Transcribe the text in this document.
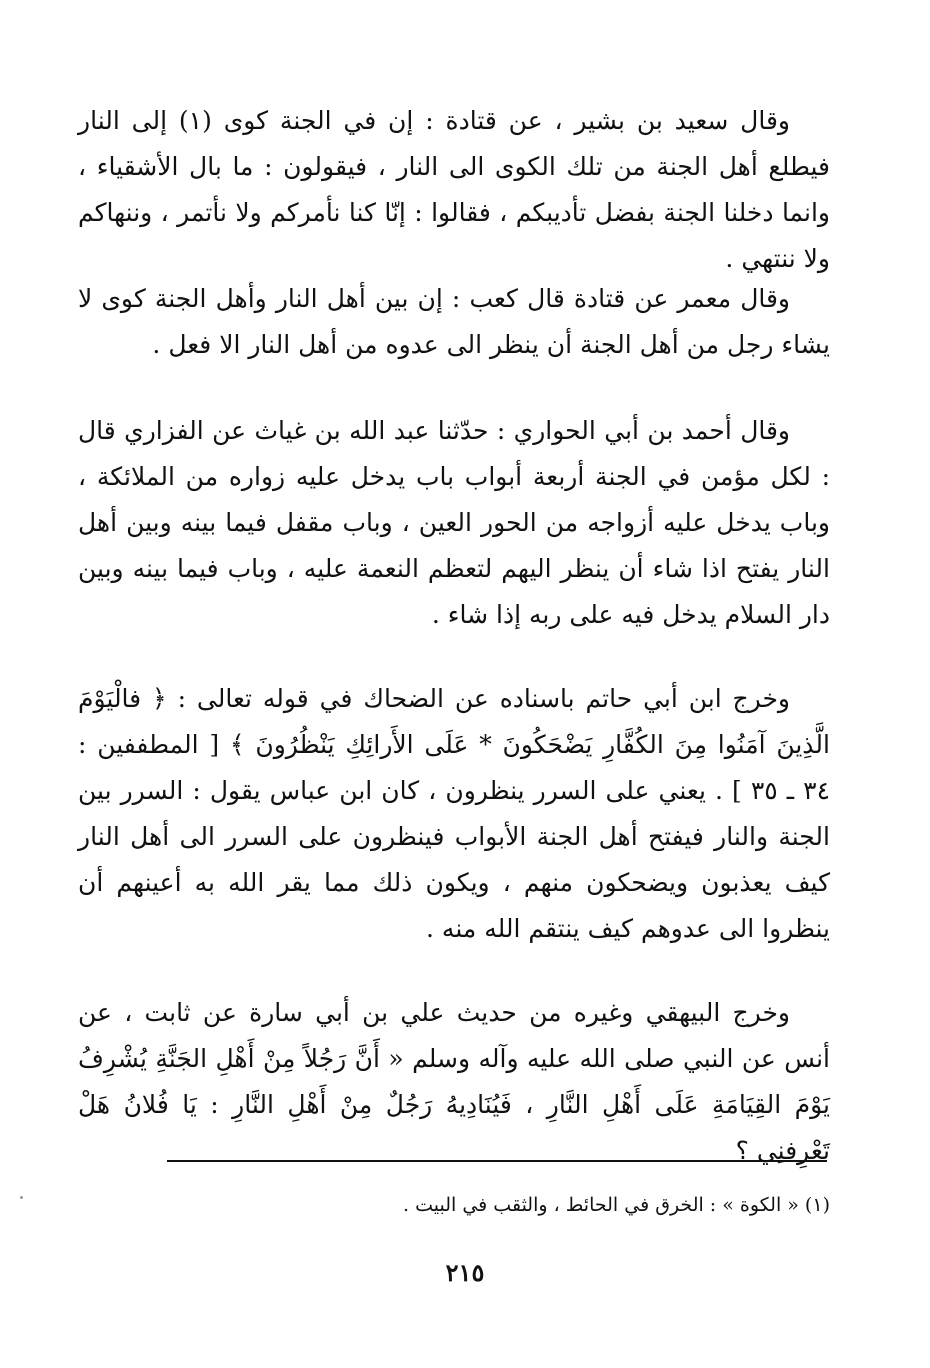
وقال سعيد بن بشير ، عن قتادة : إن في الجنة كوى (١) إلى النار فيطلع أهل الجنة من تلك الكوى الى النار ، فيقولون : ما بال الأشقياء ، وانما دخلنا الجنة بفضل تأديبكم ، فقالوا : إنّا كنا نأمركم ولا نأتمر ، وننهاكم ولا ننتهي .

وقال معمر عن قتادة قال كعب : إن بين أهل النار وأهل الجنة كوى لا يشاء رجل من أهل الجنة أن ينظر الى عدوه من أهل النار الا فعل .

وقال أحمد بن أبي الحواري : حدّثنا عبد الله بن غياث عن الفزاري قال : لكل مؤمن في الجنة أربعة أبواب باب يدخل عليه زواره من الملائكة ، وباب يدخل عليه أزواجه من الحور العين ، وباب مقفل فيما بينه وبين أهل النار يفتح اذا شاء أن ينظر اليهم لتعظم النعمة عليه ، وباب فيما بينه وبين دار السلام يدخل فيه على ربه إذا شاء .

وخرج ابن أبي حاتم باسناده عن الضحاك في قوله تعالى : ﴿ فالْيَوْمَ الَّذِينَ آمَنُوا مِنَ الكُفَّارِ يَضْحَكُونَ * عَلَى الأَرائِكِ يَنْظُرُونَ ﴾ [ المطففين : ٣٤ ـ ٣٥ ] . يعني على السرر ينظرون ، كان ابن عباس يقول : السرر بين الجنة والنار فيفتح أهل الجنة الأبواب فينظرون على السرر الى أهل النار كيف يعذبون ويضحكون منهم ، ويكون ذلك مما يقر الله به أعينهم أن ينظروا الى عدوهم كيف ينتقم الله منه .

وخرج البيهقي وغيره من حديث علي بن أبي سارة عن ثابت ، عن أنس عن النبي صلى الله عليه وآله وسلم « أَنَّ رَجُلاً مِنْ أَهْلِ الجَنَّةِ يُشْرِفُ يَوْمَ القِيَامَةِ عَلَى أَهْلِ النَّارِ ، فَيُنَادِيهُ رَجُلٌ مِنْ أَهْلِ النَّارِ : يَا فُلانُ هَلْ تَعْرِفنِي ؟

(١) « الكوة » : الخرق في الحائط ، والثقب في البيت .
٢١٥
